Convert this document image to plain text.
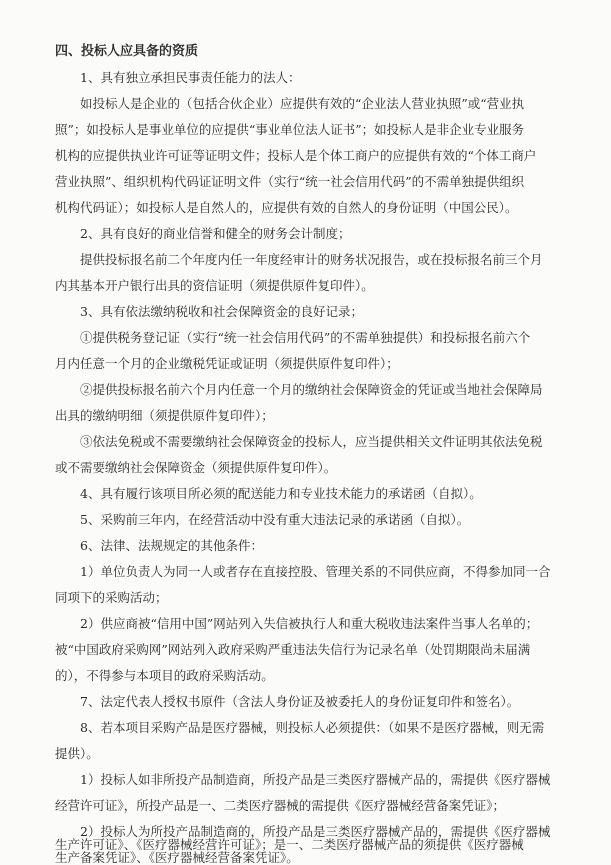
四、投标人应具备的资质
1、具有独立承担民事责任能力的法人：
如投标人是企业的（包括合伙企业）应提供有效的“企业法人营业执照”或“营业执
照”；如投标人是事业单位的应提供“事业单位法人证书”；如投标人是非企业专业服务
机构的应提供执业许可证等证明文件；投标人是个体工商户的应提供有效的“个体工商户
营业执照”、组织机构代码证证明文件（实行“统一社会信用代码”的不需单独提供组织
机构代码证）；如投标人是自然人的，应提供有效的自然人的身份证明（中国公民）。
2、具有良好的商业信誉和健全的财务会计制度；
提供投标报名前二个年度内任一年度经审计的财务状况报告，或在投标报名前三个月
内其基本开户银行出具的资信证明（须提供原件复印件）。
3、具有依法缴纳税收和社会保障资金的良好记录；
①提供税务登记证（实行“统一社会信用代码”的不需单独提供）和投标报名前六个
月内任意一个月的企业缴税凭证或证明（须提供原件复印件）；
②提供投标报名前六个月内任意一个月的缴纳社会保障资金的凭证或当地社会保障局
出具的缴纳明细（须提供原件复印件）；
③依法免税或不需要缴纳社会保障资金的投标人，应当提供相关文件证明其依法免税
或不需要缴纳社会保障资金（须提供原件复印件）。
4、具有履行该项目所必须的配送能力和专业技术能力的承诺函（自拟）。
5、采购前三年内，在经营活动中没有重大违法记录的承诺函（自拟）。
6、法律、法规规定的其他条件：
1）单位负责人为同一人或者存在直接控股、管理关系的不同供应商，不得参加同一合
同项下的采购活动；
2）供应商被“信用中国”网站列入失信被执行人和重大税收违法案件当事人名单的；
被“中国政府采购网”网站列入政府采购严重违法失信行为记录名单（处罚期限尚未届满
的），不得参与本项目的政府采购活动。
7、法定代表人授权书原件（含法人身份证及被委托人的身份证复印件和签名）。
8、若本项目采购产品是医疗器械，则投标人必须提供：（如果不是医疗器械，则无需
提供）。
1）投标人如非所投产品制造商，所投产品是三类医疗器械产品的，需提供《医疗器械
经营许可证》，所投产品是一、二类医疗器械的需提供《医疗器械经营备案凭证》；
2）投标人为所投产品制造商的，所投产品是三类医疗器械产品的，需提供《医疗器械
生产许可证》、《医疗器械经营许可证》；是一、二类医疗器械产品的须提供《医疗器械
生产备案凭证》、《医疗器械经营备案凭证》。
